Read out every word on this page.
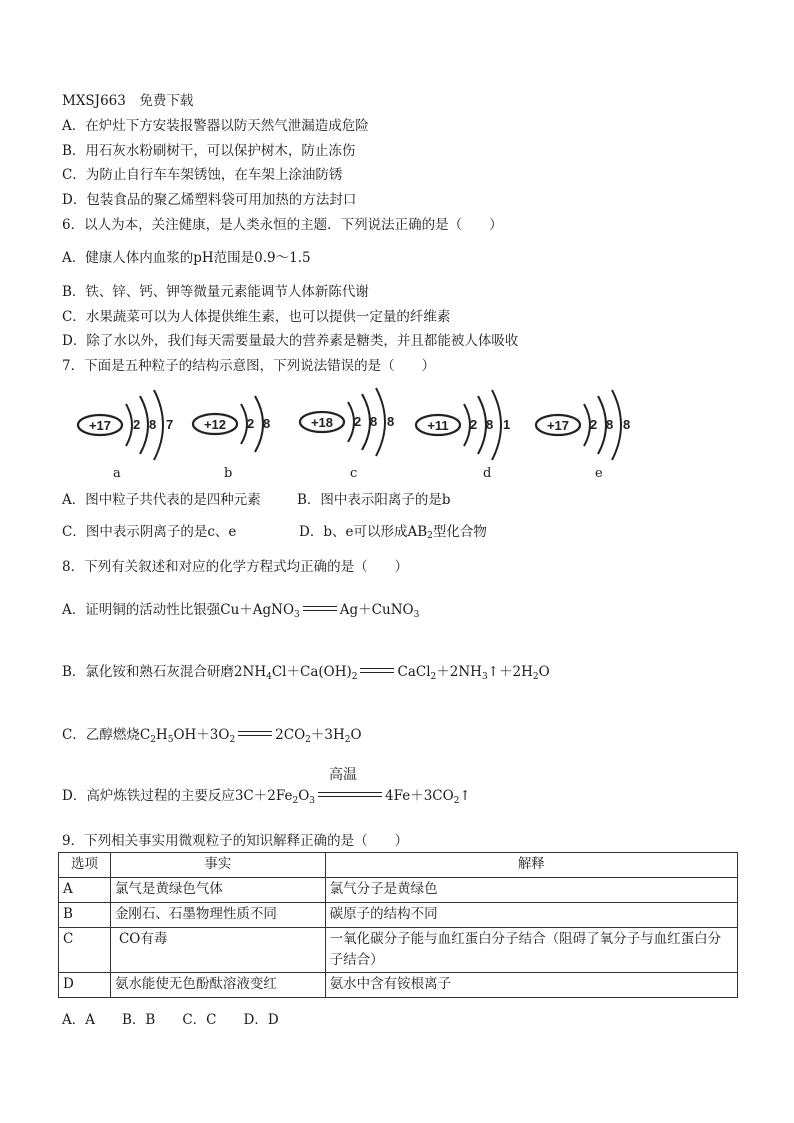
MXSJ663　免费下载
A．在炉灶下方安装报警器以防天然气泄漏造成危险
B．用石灰水粉刷树干，可以保护树木，防止冻伤
C．为防止自行车车架锈蚀，在车架上涂油防锈
D．包装食品的聚乙烯塑料袋可用加热的方法封口
6．以人为本，关注健康，是人类永恒的主题．下列说法正确的是（　　）
A．健康人体内血浆的pH范围是0.9～1.5
B．铁、锌、钙、钾等微量元素能调节人体新陈代谢
C．水果蔬菜可以为人体提供维生素，也可以提供一定量的纤维素
D．除了水以外，我们每天需要量最大的营养素是糖类，并且都能被人体吸收
7．下面是五种粒子的结构示意图，下列说法错误的是（　　）
+17 2 8 7 +12 2 8	+18 2 8 8	+11 2 8 1	+17 2 8 8
a	b	c	d	e
A．图中粒子共代表的是四种元素	B．图中表示阳离子的是b
C．图中表示阴离子的是c、e	D．b、e可以形成AB2型化合物
8．下列有关叙述和对应的化学方程式均正确的是（　　）
A．证明铜的活动性比银强Cu＋AgNO$_3$	Ag＋CuNO$_3$
B．氯化铵和熟石灰混合研磨$2NH_4Cl+Ca(OH)_2$	$CaCl_2+2NH_3↑+2H_2O$
C．乙醇燃烧$C_2H_5OH+3O_2$	$2CO_2+3H_2O$
D．高炉炼铁过程的主要反应$3C+2Fe_2O_3$
高温
$4Fe+3CO_2↑$
9．下列相关事实用微观粒子的知识解释正确的是（　　）
选项	事实	解释
A	氯气是黄绿色气体	氯气分子是黄绿色
B	金刚石、石墨物理性质不同	碳原子的结构不同
C	CO有毒	一氧化碳分子能与血红蛋白分子结合（阻碍了氧分子与血红蛋白分子结合）
D	氨水能使无色酚酞溶液变红	氨水中含有铵根离子
A．A　　B．B　　C．C　　D．D
